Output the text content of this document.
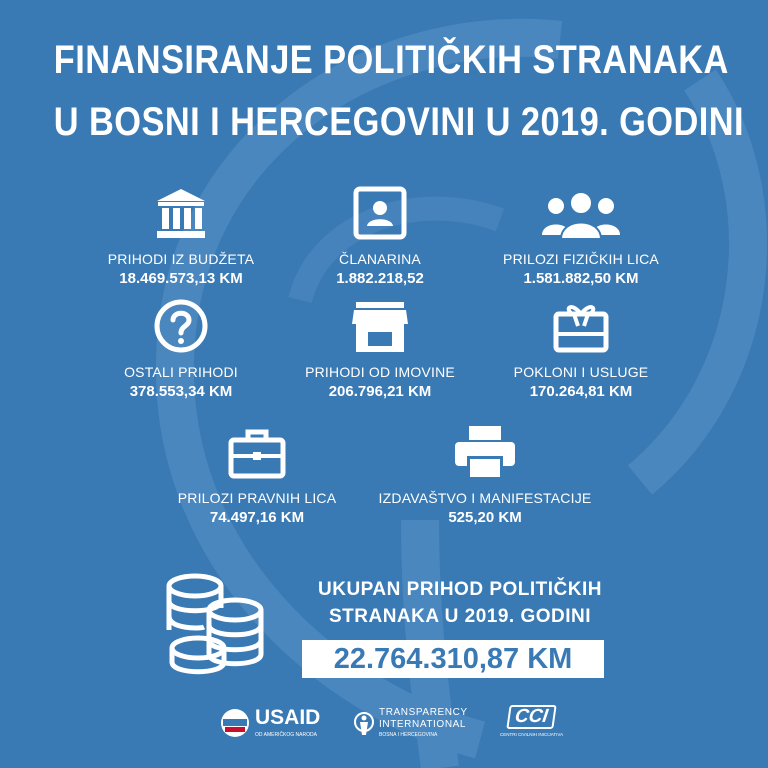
FINANSIRANJE POLITIČKIH STRANAKA
U BOSNI I HERCEGOVINI U 2019. GODINI
PRIHODI IZ BUDŽETA
18.469.573,13 KM
ČLANARINA
1.882.218,52
PRILOZI FIZIČKIH LICA
1.581.882,50 KM
OSTALI PRIHODI
378.553,34 KM
PRIHODI OD IMOVINE
206.796,21 KM
POKLONI I USLUGE
170.264,81 KM
PRILOZI PRAVNIH LICA
74.497,16 KM
IZDAVAŠTVO I MANIFESTACIJE
525,20 KM
UKUPAN PRIHOD POLITIČKIH
STRANAKA U 2019. GODINI
22.764.310,87 KM
USAID
OD AMERIČKOG NARODA
TRANSPARENCY
INTERNATIONAL
BOSNA I HERCEGOVINA
CCI
CENTRI CIVILNIH INICIJATIVA
